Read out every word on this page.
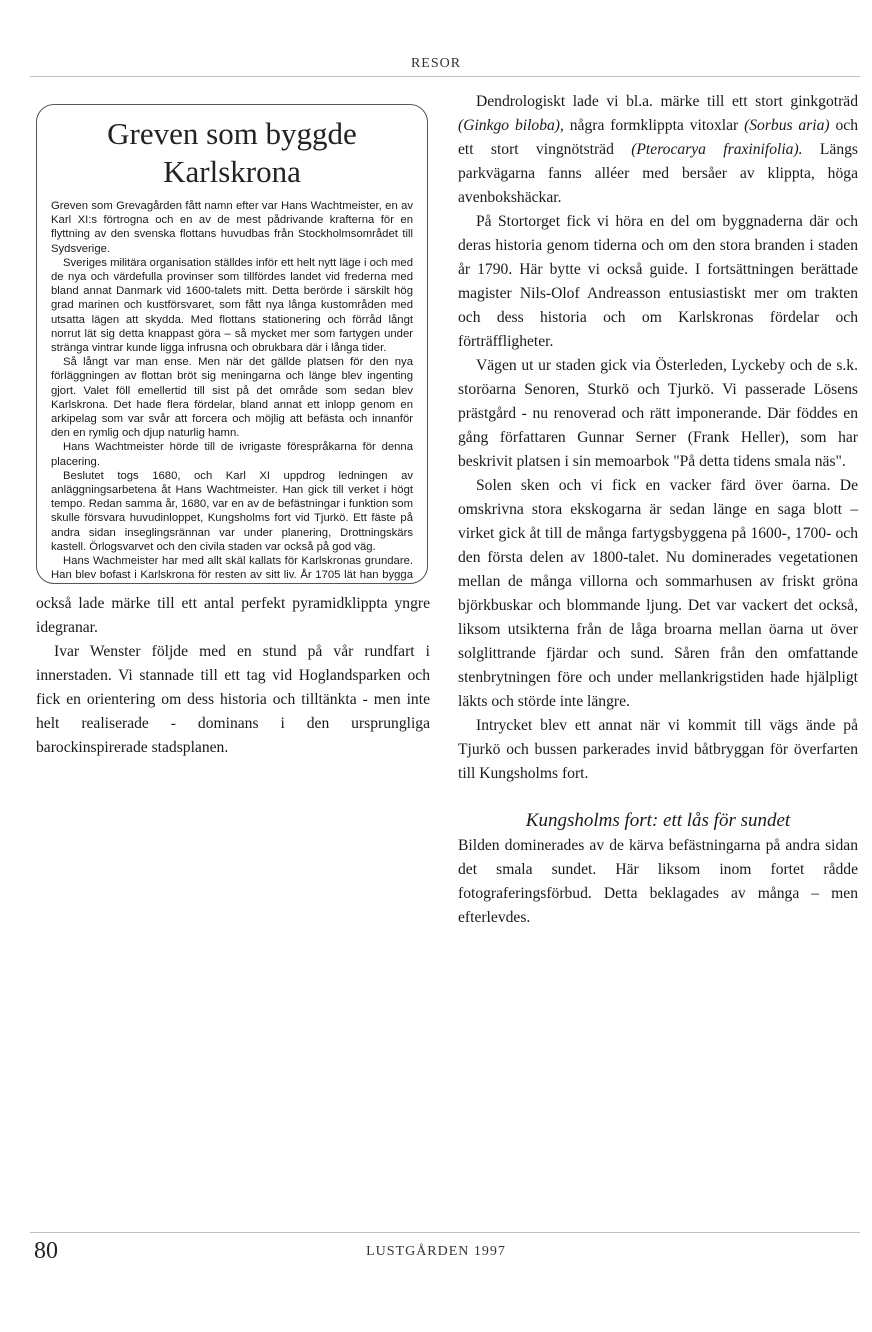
RESOR
Greven som byggde
Karlskrona

Greven som Grevagården fått namn efter var Hans Wachtmeister, en av Karl XI:s förtrogna och en av de mest pådrivande krafterna för en flyttning av den svenska flottans huvudbas från Stockholmsområdet till Sydsverige.

Sveriges militära organisation ställdes inför ett helt nytt läge i och med de nya och värdefulla provinser som tillfördes landet vid frederna med bland annat Danmark vid 1600-talets mitt. Detta berörde i särskilt hög grad marinen och kustförsvaret, som fått nya långa kustområden med utsatta lägen att skydda. Med flottans stationering och förråd långt norrut lät sig detta knappast göra – så mycket mer som fartygen under stränga vintrar kunde ligga infrusna och obrukbara där i långa tider.

Så långt var man ense. Men när det gällde platsen för den nya förläggningen av flottan bröt sig meningarna och länge blev ingenting gjort. Valet föll emellertid till sist på det område som sedan blev Karlskrona. Det hade flera fördelar, bland annat ett inlopp genom en arkipelag som var svår att forcera och möjlig att befästa och innanför den en rymlig och djup naturlig hamn.

Hans Wachtmeister hörde till de ivrigaste förespråkarna för denna placering.

Beslutet togs 1680, och Karl XI uppdrog ledningen av anläggningsarbetena åt Hans Wachtmeister. Han gick till verket i högt tempo. Redan samma år, 1680, var en av de befästningar i funktion som skulle försvara huvudinloppet, Kungsholms fort vid Tjurkö. Ett fäste på andra sidan inseglingsrännan var under planering, Drottningskärs kastell. Örlogsvarvet och den civila staden var också på god väg.

Hans Wachmeister har med allt skäl kallats för Karlskronas grundare. Han blev bofast i Karlskrona för resten av sitt liv. År 1705 lät han bygga

också lade märke till ett antal perfekt pyramidklippta yngre idegranar.

Ivar Wenster följde med en stund på vår rundfart i innerstaden. Vi stannade till ett tag vid Hoglandsparken och fick en orientering om dess historia och tilltänkta - men inte helt realiserade - dominans i den ursprungliga barockinspirerade stadsplanen.

Dendrologiskt lade vi bl.a. märke till ett stort ginkgoträd (Ginkgo biloba), några formklippta vitoxlar (Sorbus aria) och ett stort vingnötsträd (Pterocarya fraxinifolia). Längs parkvägarna fanns alléer med bersåer av klippta, höga avenbokshäckar.

På Stortorget fick vi höra en del om byggnaderna där och deras historia genom tiderna och om den stora branden i staden år 1790. Här bytte vi också guide. I fortsättningen berättade magister Nils-Olof Andreasson entusiastiskt mer om trakten och dess historia och om Karlskronas fördelar och förträffligheter.

Vägen ut ur staden gick via Österleden, Lyckeby och de s.k. storöarna Senoren, Sturkö och Tjurkö. Vi passerade Lösens prästgård - nu renoverad och rätt imponerande. Där föddes en gång författaren Gunnar Serner (Frank Heller), som har beskrivit platsen i sin memoarbok "På detta tidens smala näs".

Solen sken och vi fick en vacker färd över öarna. De omskrivna stora ekskogarna är sedan länge en saga blott – virket gick åt till de många fartygsbyggena på 1600-, 1700- och den första delen av 1800-talet. Nu dominerades vegetationen mellan de många villorna och sommarhusen av friskt gröna björkbuskar och blommande ljung. Det var vackert det också, liksom utsikterna från de låga broarna mellan öarna ut över solglittrande fjärdar och sund. Såren från den omfattande stenbrytningen före och under mellankrigstiden hade hjälpligt läkts och störde inte längre.

Intrycket blev ett annat när vi kommit till vägs ände på Tjurkö och bussen parkerades invid båtbryggan för överfarten till Kungsholms fort.

Kungsholms fort: ett lås för sundet

Bilden dominerades av de kärva befästningarna på andra sidan det smala sundet. Här liksom inom fortet rådde fotograferingsförbud. Detta beklagades av många – men efterlevdes.

80	LUSTGÅRDEN 1997
